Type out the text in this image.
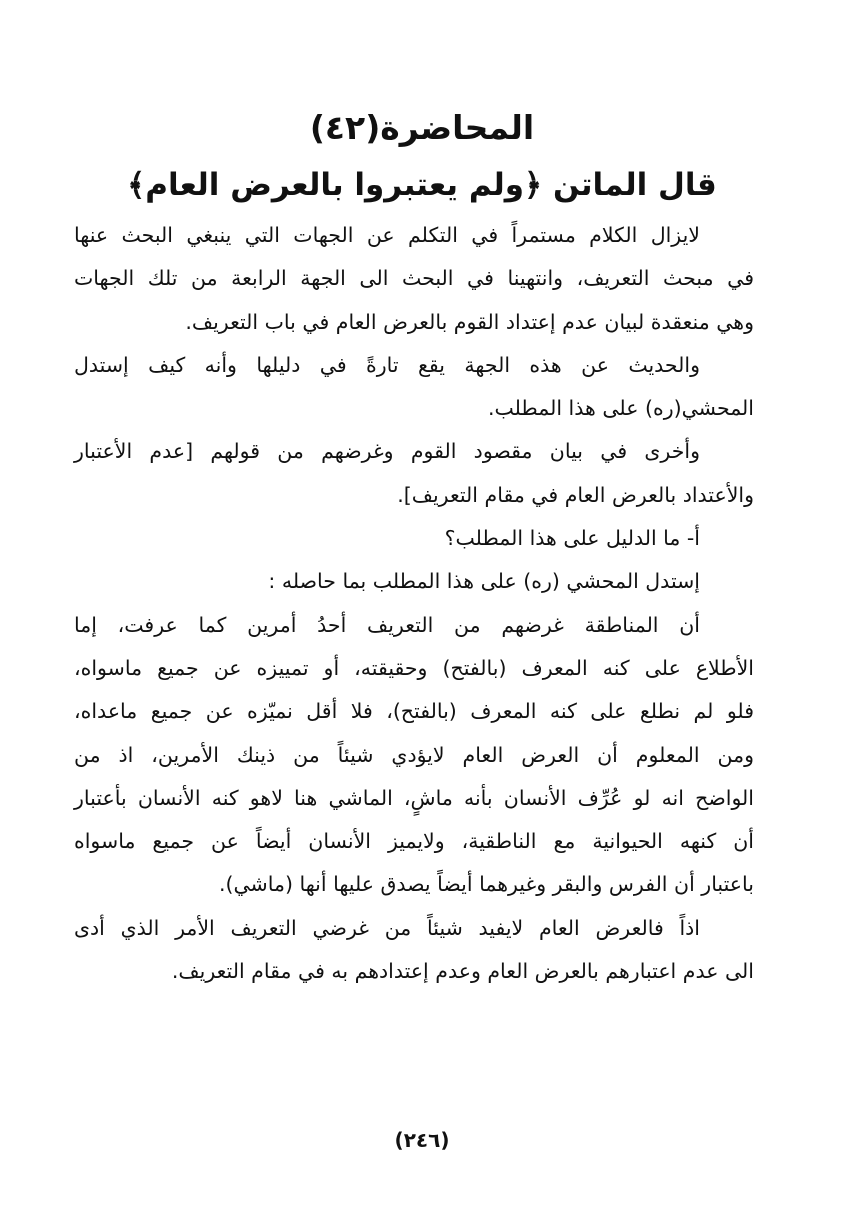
المحاضرة(٤٢)
قال الماتن ﴿ولم يعتبروا بالعرض العام﴾

لايزال الكلام مستمراً في التكلم عن الجهات التي ينبغي البحث عنها
في مبحث التعريف، وانتهينا في البحث الى الجهة الرابعة من تلك الجهات
وهي منعقدة لبيان عدم إعتداد القوم بالعرض العام في باب التعريف.

والحديث عن هذه الجهة يقع تارةً في دليلها وأنه كيف إستدل
المحشي(ره) على هذا المطلب.

وأخرى في بيان مقصود القوم وغرضهم من قولهم [عدم الأعتبار
والأعتداد بالعرض العام في مقام التعريف].

أ- ما الدليل على هذا المطلب؟

إستدل المحشي (ره) على هذا المطلب بما حاصله :

أن المناطقة غرضهم من التعريف أحدُ أمرين كما عرفت، إما
الأطلاع على كنه المعرف (بالفتح) وحقيقته، أو تمييزه عن جميع ماسواه،
فلو لم نطلع على كنه المعرف (بالفتح)، فلا أقل نميّزه عن جميع ماعداه،
ومن المعلوم أن العرض العام لايؤدي شيئاً من ذينك الأمرين، اذ من
الواضح انه لو عُرِّف الأنسان بأنه ماشٍ، الماشي هنا لاهو كنه الأنسان بأعتبار
أن كنهه الحيوانية مع الناطقية، ولايميز الأنسان أيضاً عن جميع ماسواه
باعتبار أن الفرس والبقر وغيرهما أيضاً يصدق عليها أنها (ماشي).

اذاً فالعرض العام لايفيد شيئاً من غرضي التعريف الأمر الذي أدى
الى عدم اعتبارهم بالعرض العام وعدم إعتدادهم به في مقام التعريف.

(٢٤٦)
